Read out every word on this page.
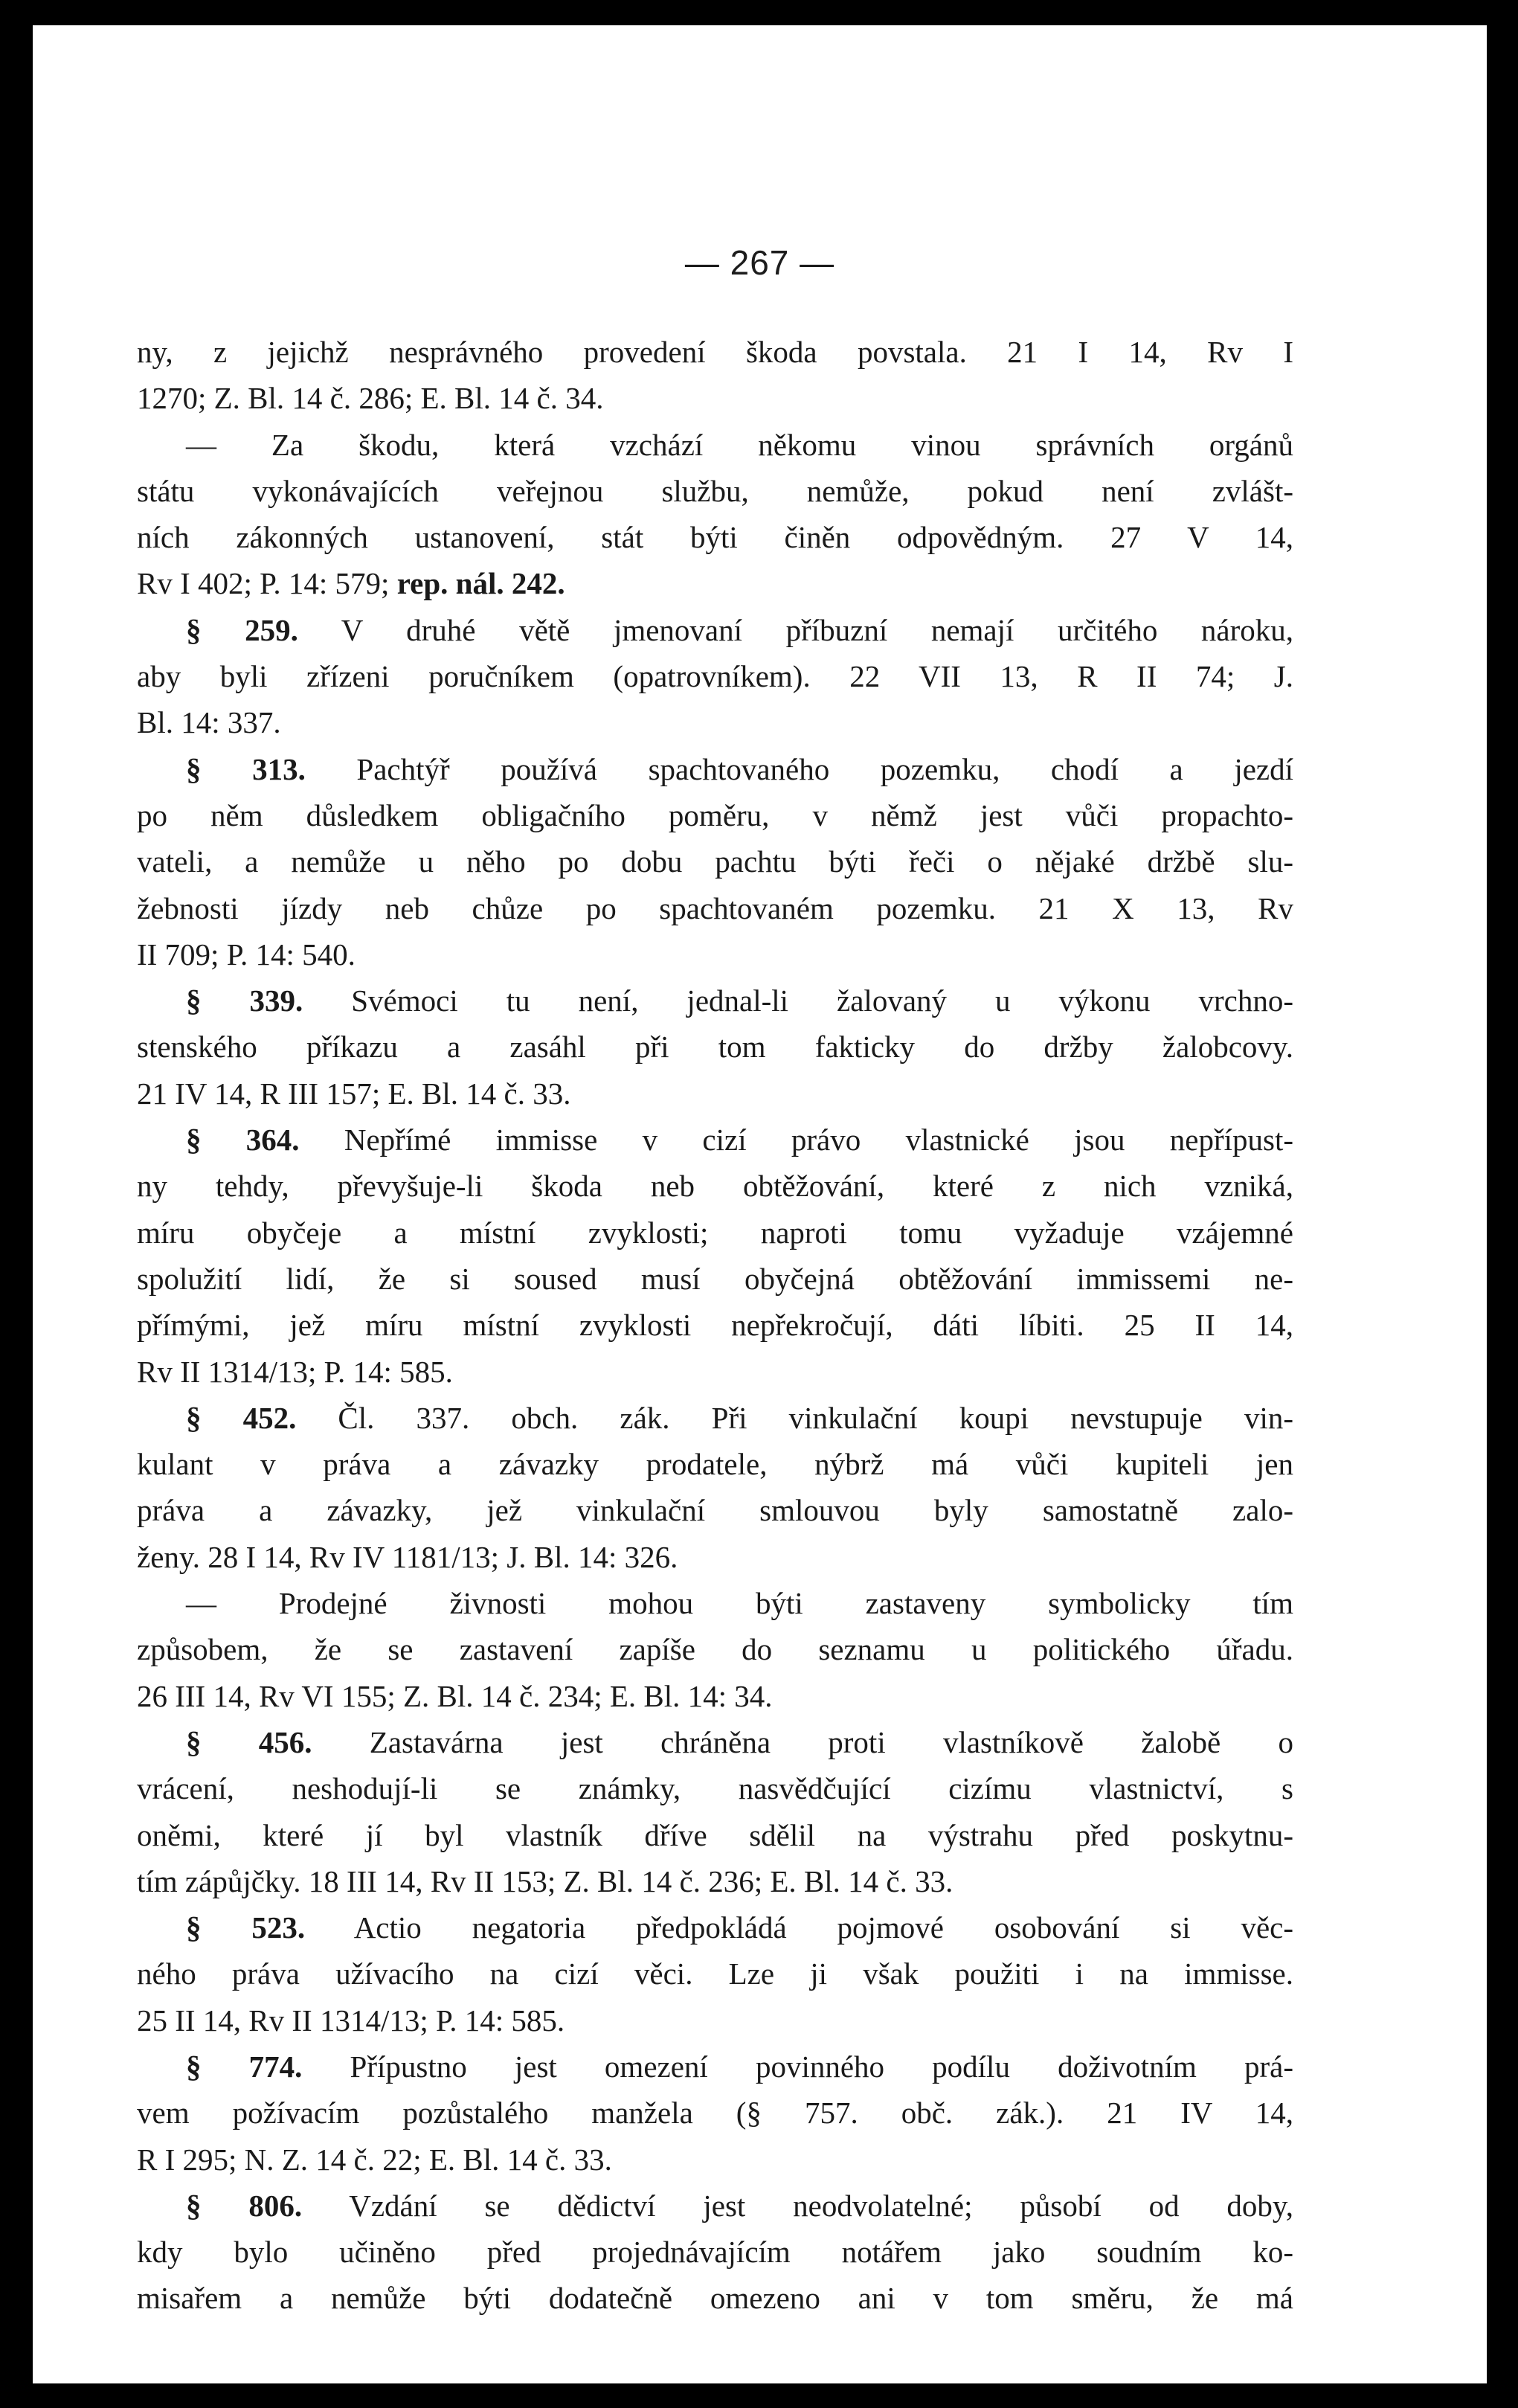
— 267 —
ny, z jejichž nesprávného provedení škoda povstala. 21 I 14, Rv I
1270; Z. Bl. 14 č. 286; E. Bl. 14 č. 34.
— Za škodu, která vzchází někomu vinou správních orgánů
státu vykonávajících veřejnou službu, nemůže, pokud není zvlášt-
ních zákonných ustanovení, stát býti činěn odpovědným. 27 V 14,
Rv I 402; P. 14: 579; rep. nál. 242.
§ 259. V druhé větě jmenovaní příbuzní nemají určitého nároku,
aby byli zřízeni poručníkem (opatrovníkem). 22 VII 13, R II 74; J.
Bl. 14: 337.
§ 313. Pachtýř používá spachtovaného pozemku, chodí a jezdí
po něm důsledkem obligačního poměru, v němž jest vůči propachto-
vateli, a nemůže u něho po dobu pachtu býti řeči o nějaké držbě slu-
žebnosti jízdy neb chůze po spachtovaném pozemku. 21 X 13, Rv
II 709; P. 14: 540.
§ 339. Svémoci tu není, jednal-li žalovaný u výkonu vrchno-
stenského příkazu a zasáhl při tom fakticky do držby žalobcovy.
21 IV 14, R III 157; E. Bl. 14 č. 33.
§ 364. Nepřímé immisse v cizí právo vlastnické jsou nepřípust-
ny tehdy, převyšuje-li škoda neb obtěžování, které z nich vzniká,
míru obyčeje a místní zvyklosti; naproti tomu vyžaduje vzájemné
spolužití lidí, že si soused musí obyčejná obtěžování immissemi ne-
přímými, jež míru místní zvyklosti nepřekročují, dáti líbiti. 25 II 14,
Rv II 1314/13; P. 14: 585.
§ 452. Čl. 337. obch. zák. Při vinkulační koupi nevstupuje vin-
kulant v práva a závazky prodatele, nýbrž má vůči kupiteli jen
práva a závazky, jež vinkulační smlouvou byly samostatně zalo-
ženy. 28 I 14, Rv IV 1181/13; J. Bl. 14: 326.
— Prodejné živnosti mohou býti zastaveny symbolicky tím
způsobem, že se zastavení zapíše do seznamu u politického úřadu.
26 III 14, Rv VI 155; Z. Bl. 14 č. 234; E. Bl. 14: 34.
§ 456. Zastavárna jest chráněna proti vlastníkově žalobě o
vrácení, neshodují-li se známky, nasvědčující cizímu vlastnictví, s
oněmi, které jí byl vlastník dříve sdělil na výstrahu před poskytnu-
tím zápůjčky. 18 III 14, Rv II 153; Z. Bl. 14 č. 236; E. Bl. 14 č. 33.
§ 523. Actio negatoria předpokládá pojmové osobování si věc-
ného práva užívacího na cizí věci. Lze ji však použiti i na immisse.
25 II 14, Rv II 1314/13; P. 14: 585.
§ 774. Přípustno jest omezení povinného podílu doživotním prá-
vem požívacím pozůstalého manžela (§ 757. obč. zák.). 21 IV 14,
R I 295; N. Z. 14 č. 22; E. Bl. 14 č. 33.
§ 806. Vzdání se dědictví jest neodvolatelné; působí od doby,
kdy bylo učiněno před projednávajícím notářem jako soudním ko-
misařem a nemůže býti dodatečně omezeno ani v tom směru, že má
